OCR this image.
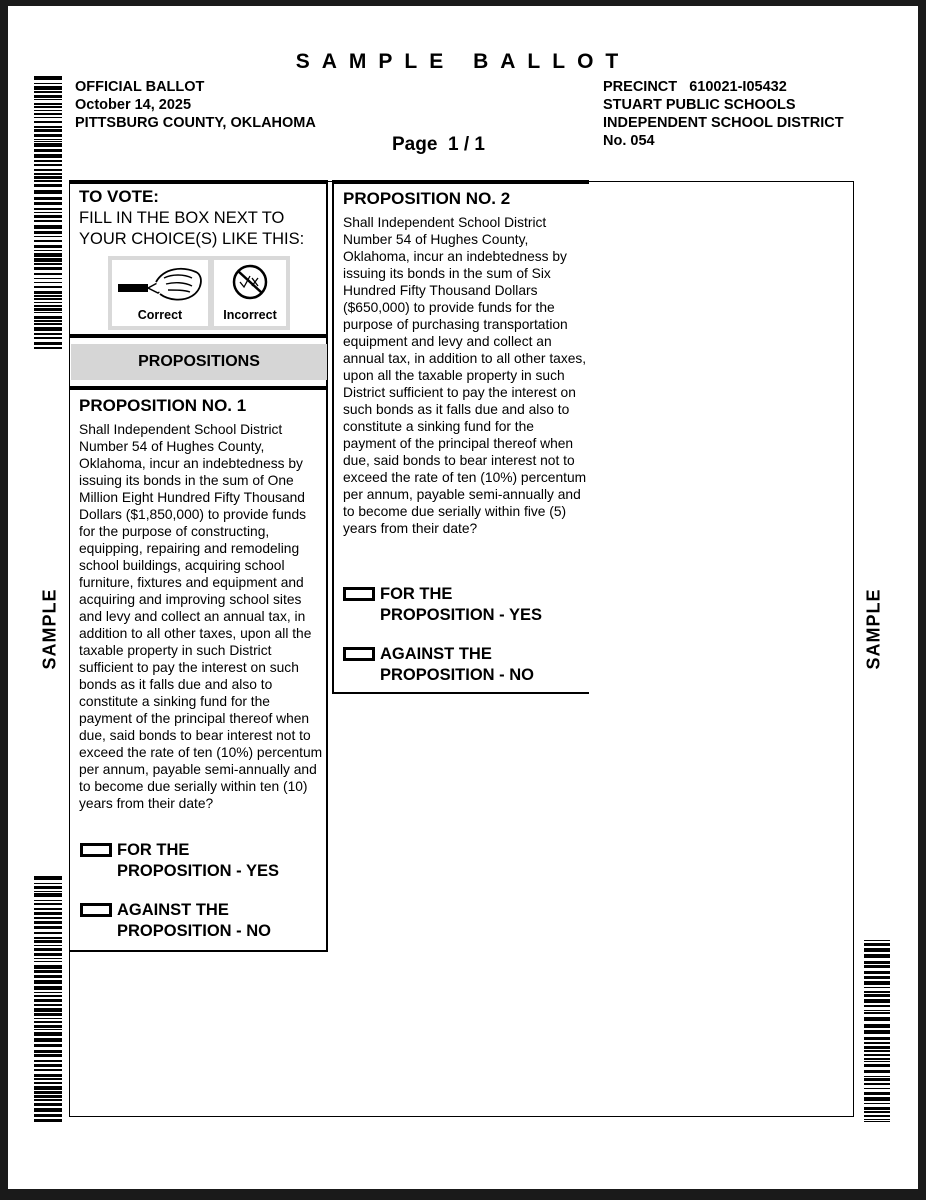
SAMPLE BALLOT
OFFICIAL BALLOT
October 14, 2025
PITTSBURG COUNTY, OKLAHOMA
PRECINCT   610021-I05432
STUART PUBLIC SCHOOLS
INDEPENDENT SCHOOL DISTRICT
No. 054
Page  1 / 1
SAMPLE	SAMPLE
TO VOTE:
FILL IN THE BOX NEXT TO YOUR CHOICE(S) LIKE THIS:
Correct	Incorrect
PROPOSITIONS
PROPOSITION NO. 1
Shall Independent School District Number 54 of Hughes County, Oklahoma, incur an indebtedness by issuing its bonds in the sum of One Million Eight Hundred Fifty Thousand Dollars ($1,850,000) to provide funds for the purpose of constructing, equipping, repairing and remodeling school buildings, acquiring school furniture, fixtures and equipment and acquiring and improving school sites and levy and collect an annual tax, in addition to all other taxes, upon all the taxable property in such District sufficient to pay the interest on such bonds as it falls due and also to constitute a sinking fund for the payment of the principal thereof when due, said bonds to bear interest not to exceed the rate of ten (10%) percentum per annum, payable semi-annually and to become due serially within ten (10) years from their date?
FOR THE PROPOSITION - YES
AGAINST THE PROPOSITION - NO
PROPOSITION NO. 2
Shall Independent School District Number 54 of Hughes County, Oklahoma, incur an indebtedness by issuing its bonds in the sum of Six Hundred Fifty Thousand Dollars ($650,000) to provide funds for the purpose of purchasing transportation equipment and levy and collect an annual tax, in addition to all other taxes, upon all the taxable property in such District sufficient to pay the interest on such bonds as it falls due and also to constitute a sinking fund for the payment of the principal thereof when due, said bonds to bear interest not to exceed the rate of ten (10%) percentum per annum, payable semi-annually and to become due serially within five (5) years from their date?
FOR THE PROPOSITION - YES
AGAINST THE PROPOSITION - NO
